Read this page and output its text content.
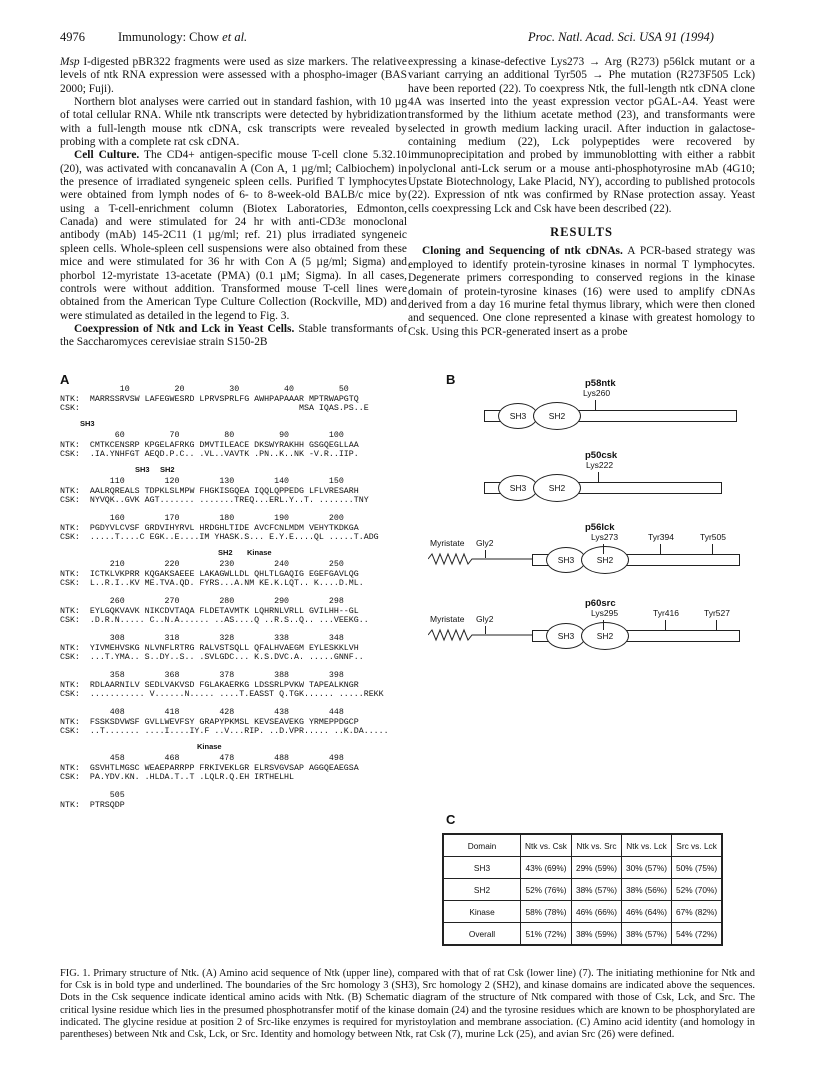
4976	Immunology: Chow et al.	Proc. Natl. Acad. Sci. USA 91 (1994)

Msp I-digested pBR322 fragments were used as size markers. The relative levels of ntk RNA expression were assessed with a phospho-imager (BAS 2000; Fuji).

Northern blot analyses were carried out in standard fashion, with 10 µg of total cellular RNA. While ntk transcripts were detected by hybridization with a full-length mouse ntk cDNA, csk transcripts were revealed by probing with a complete rat csk cDNA.

Cell Culture. The CD4+ antigen-specific mouse T-cell clone 5.32.10 (20), was activated with concanavalin A (Con A, 1 µg/ml; Calbiochem) in the presence of irradiated syngeneic spleen cells. Purified T lymphocytes were obtained from lymph nodes of 6- to 8-week-old BALB/c mice by using a T-cell-enrichment column (Biotex Laboratories, Edmonton, Canada) and were stimulated for 24 hr with anti-CD3ε monoclonal antibody (mAb) 145-2C11 (1 µg/ml; ref. 21) plus irradiated syngeneic spleen cells. Whole-spleen cell suspensions were also obtained from these mice and were stimulated for 36 hr with Con A (5 µg/ml; Sigma) and phorbol 12-myristate 13-acetate (PMA) (0.1 µM; Sigma). In all cases, controls were without addition. Transformed mouse T-cell lines were obtained from the American Type Culture Collection (Rockville, MD) and were stimulated as detailed in the legend to Fig. 3.

Coexpression of Ntk and Lck in Yeast Cells. Stable transformants of the Saccharomyces cerevisiae strain S150-2B

expressing a kinase-defective Lys273 → Arg (R273) p56lck mutant or a variant carrying an additional Tyr505 → Phe mutation (R273F505 Lck) have been reported (22). To coexpress Ntk, the full-length ntk cDNA clone 4A was inserted into the yeast expression vector pGAL-A4. Yeast were transformed by the lithium acetate method (23), and transformants were selected in growth medium lacking uracil. After induction in galactose-containing medium (22), Lck polypeptides were recovered by immunoprecipitation and probed by immunoblotting with either a rabbit polyclonal anti-Lck serum or a mouse anti-phosphotyrosine mAb (4G10; Upstate Biotechnology, Lake Placid, NY), according to published protocols (22). Expression of ntk was confirmed by RNase protection assay. Yeast cells coexpressing Lck and Csk have been described (22).

RESULTS

Cloning and Sequencing of ntk cDNAs. A PCR-based strategy was employed to identify protein-tyrosine kinases in normal T lymphocytes. Degenerate primers corresponding to conserved regions in the kinase domain of protein-tyrosine kinases (16) were used to amplify cDNAs derived from a day 16 murine fetal thymus library, which were then cloned and sequenced. One clone represented a kinase with greatest homology to Csk. Using this PCR-generated insert as a probe

A	B
C
10         20         30         40         50
NTK:  MARRSSRVSW LAFEGWESRD LPRVSPRLFG AWHPAPAAAR MPTRWAPGTQ
CSK:                                            MSA IQAS.PS..E
60         70         80         90        100
NTK:  CMTKCENSRP KPGELAFRKG DMVTILEACE DKSWYRAKHH GSGQEGLLAA
CSK:  .IA.YNHFGT AEQD.P.C.. .VL..VAVTK .PN..K..NK -V.R..IIP.
SH3
110        120        130        140        150
NTK:  AALRQREALS TDPKLSLMPW FHGKISGQEA IQQLQPPEDG LFLVRESARH
CSK:  NYVQK..GVK AGT....... .......TREQ...ERL.Y..T. .......TNY
SH3 SH2
160        170        180        190        200
NTK:  PGDYVLCVSF GRDVIHYRVL HRDGHLTIDE AVCFCNLMDM VEHYTKDKGA
CSK:  .....T....C EGK..E....IM YHASK.S... E.Y.E....QL .....T.ADG
210        220        230        240        250
NTK:  ICTKLVKPRR KQGAKSAEEE LAKAGWLLDL QHLTLGAQIG EGEFGAVLQG
CSK:  L..R.I..KV ME.TVA.QD. FYRS...A.NM KE.K.LQT.. K....D.ML.
SH2 Kinase
260        270        280        290        298
NTK:  EYLGQKVAVK NIKCDVTAQA FLDETAVMTK LQHRNLVRLL GVILHH--GL
CSK:  .D.R.N..... C..N.A...... ..AS....Q ..R.S..Q.. ...VEEKG..
308        318        328        338        348
NTK:  YIVMEHVSKG NLVNFLRTRG RALVSTSQLL QFALHVAEGM EYLESKKLVH
CSK:  ...T.YMA.. S..DY..S.. .SVLGDC... K.S.DVC.A. .....GNNF..
358        368        378        388        398
NTK:  RDLAARNILV SEDLVAKVSD FGLAKAERKG LDSSRLPVKW TAPEALKNGR
CSK:  ........... V......N..... ....T.EASST Q.TGK...... .....REKK
408        418        428        438        448
NTK:  FSSKSDVWSF GVLLWEVFSY GRAPYPKMSL KEVSEAVEKG YRMEPPDGCP
CSK:  ..T....... ....I....IY.F ..V...RIP. ..D.VPR..... ..K.DA.....
458        468        478        488        498
NTK:  GSVHTLMGSC WEAEPARRPP FRKIVEKLGR ELRSVGVSAP AGGQEAEGSA
CSK:  PA.YDV.KN. .HLDA.T..T .LQLR.Q.EH IRTHELHL
Kinase
505
NTK:  PTRSQDP
p58ntk
SH3	SH2
Lys260
p50csk
SH3	SH2
Lys222
p56lck
SH3	SH2
Lys273	Tyr394	Tyr505
Myristate Gly2
p60src
SH3	SH2
Lys295	Tyr416	Tyr527
Myristate Gly2
Domain	Ntk vs. Csk	Ntk vs. Src	Ntk vs. Lck	Src vs. Lck
SH3	43% (69%)	29% (59%)	30% (57%)	50% (75%)
SH2	52% (76%)	38% (57%)	38% (56%)	52% (70%)
Kinase	58% (78%)	46% (66%)	46% (64%)	67% (82%)
Overall	51% (72%)	38% (59%)	38% (57%)	54% (72%)
FIG. 1. Primary structure of Ntk. (A) Amino acid sequence of Ntk (upper line), compared with that of rat Csk (lower line) (7). The initiating methionine for Ntk and for Csk is in bold type and underlined. The boundaries of the Src homology 3 (SH3), Src homology 2 (SH2), and kinase domains are indicated above the sequences. Dots in the Csk sequence indicate identical amino acids with Ntk. (B) Schematic diagram of the structure of Ntk compared with those of Csk, Lck, and Src. The critical lysine residue which lies in the presumed phosphotransfer motif of the kinase domain (24) and the tyrosine residues which are known to be phosphorylated are indicated. The glycine residue at position 2 of Src-like enzymes is required for myristoylation and membrane association. (C) Amino acid identity (and homology in parentheses) between Ntk and Csk, Lck, or Src. Identity and homology between Ntk, rat Csk (7), murine Lck (25), and avian Src (26) were defined.
